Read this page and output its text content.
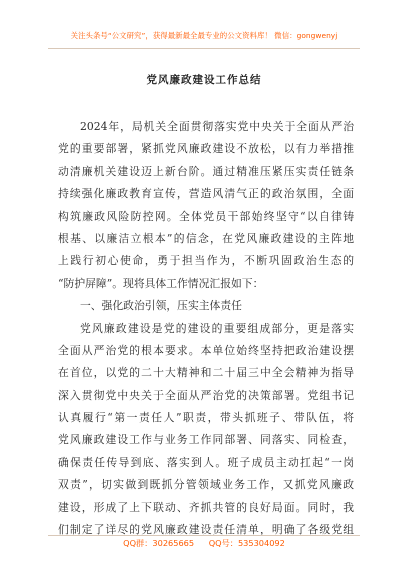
关注头条号“公文研究”，获得最新最全最专业的公文资料库！ 微信：gongwenyj
党风廉政建设工作总结
2024年，局机关全面贯彻落实党中央关于全面从严治
党的重要部署，紧抓党风廉政建设不放松，以有力举措推
动清廉机关建设迈上新台阶。通过精准压紧压实责任链条
持续强化廉政教育宣传，营造风清气正的政治氛围，全面
构筑廉政风险防控网。全体党员干部始终坚守“以自律铸
根基、以廉洁立根本”的信念，在党风廉政建设的主阵地
上践行初心使命，勇于担当作为，不断巩固政治生态的
“防护屏障”。现将具体工作情况汇报如下：
一、强化政治引领，压实主体责任
党风廉政建设是党的建设的重要组成部分，更是落实
全面从严治党的根本要求。本单位始终坚持把政治建设摆
在首位，以党的二十大精神和二十届三中全会精神为指导
深入贯彻党中央关于全面从严治党的决策部署。党组书记
认真履行“第一责任人”职责，带头抓班子、带队伍，将
党风廉政建设工作与业务工作同部署、同落实、同检查，
确保责任传导到底、落实到人。班子成员主动扛起“一岗
双责”，切实做到既抓分管领域业务工作，又抓党风廉政
建设，形成了上下联动、齐抓共管的良好局面。同时，我
们制定了详尽的党风廉政建设责任清单，明确了各级党组
QQ群：30265665 QQ号：535304092
